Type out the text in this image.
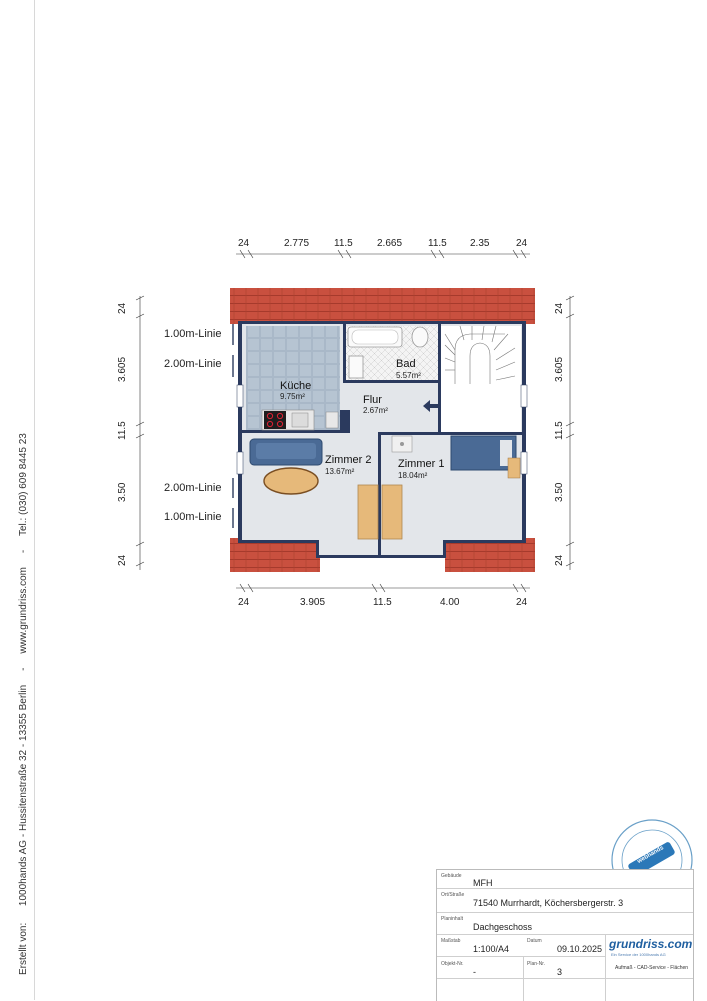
Erstellt von:      1000hands AG - Hussitenstraße 32 - 13355 Berlin     -     www.grundriss.com     -     Tel.: (030) 609 8445 23
24	2.775 11.5 2.665	11.5 2.35	24
24	3.905	11.5	4.00	24
24
3.605
11.5
3.50
24
24
3.605
11.5
3.50
24
1.00m-Linie
2.00m-Linie
2.00m-Linie
1.00m-Linie
Bad
5.57m²
Küche
9.75m²	Flur
2.67m²
Zimmer 2
13.67m²
Zimmer 1
18.04m²
webhands
Gebäude
MFH
Ort/Straße
71540 Murrhardt, Köchersbergerstr. 3
Planinhalt
Dachgeschoss
Maßstab
1:100/A4
Datum
09.10.2025
Objekt-Nr.
-
Plan-Nr.
3
grundriss.com
Ein Service der 1000hands AG
Aufmaß - CAD-Service - Flächen
